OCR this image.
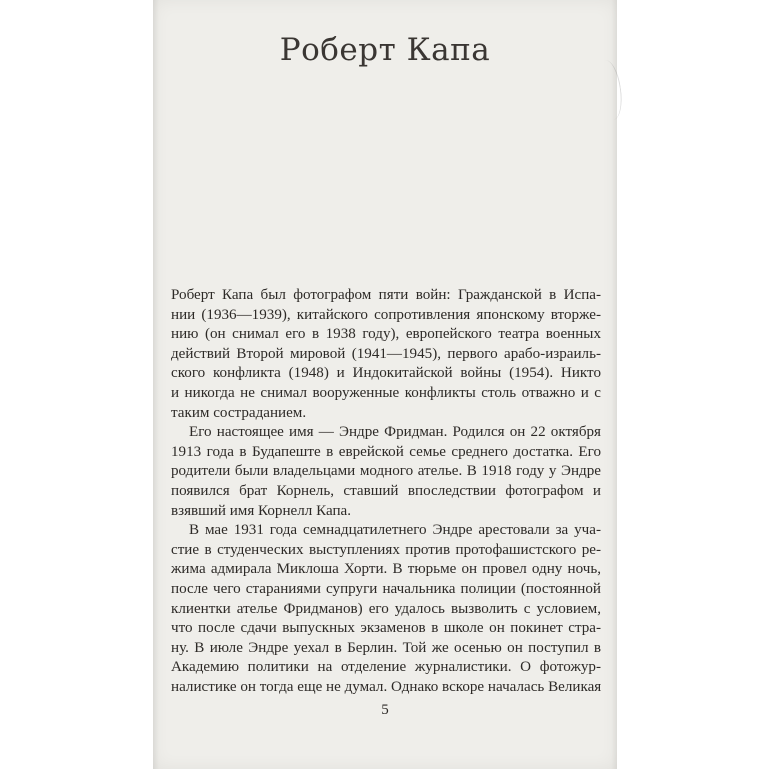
Роберт Капа

Роберт Капа был фотографом пяти войн: Гражданской в Испа-
нии (1936—1939), китайского сопротивления японскому вторже-
нию (он снимал его в 1938 году), европейского театра военных
действий Второй мировой (1941—1945), первого арабо-израиль-
ского конфликта (1948) и Индокитайской войны (1954). Никто
и никогда не снимал вооруженные конфликты столь отважно и с
таким состраданием.

Его настоящее имя — Эндре Фридман. Родился он 22 октября
1913 года в Будапеште в еврейской семье среднего достатка. Его
родители были владельцами модного ателье. В 1918 году у Эндре
появился брат Корнель, ставший впоследствии фотографом и
взявший имя Корнелл Капа.

В мае 1931 года семнадцатилетнего Эндре арестовали за уча-
стие в студенческих выступлениях против протофашистского ре-
жима адмирала Миклоша Хорти. В тюрьме он провел одну ночь,
после чего стараниями супруги начальника полиции (постоянной
клиентки ателье Фридманов) его удалось вызволить с условием,
что после сдачи выпускных экзаменов в школе он покинет стра-
ну. В июле Эндре уехал в Берлин. Той же осенью он поступил в
Академию политики на отделение журналистики. О фотожур-
налистике он тогда еще не думал. Однако вскоре началась Великая

5
